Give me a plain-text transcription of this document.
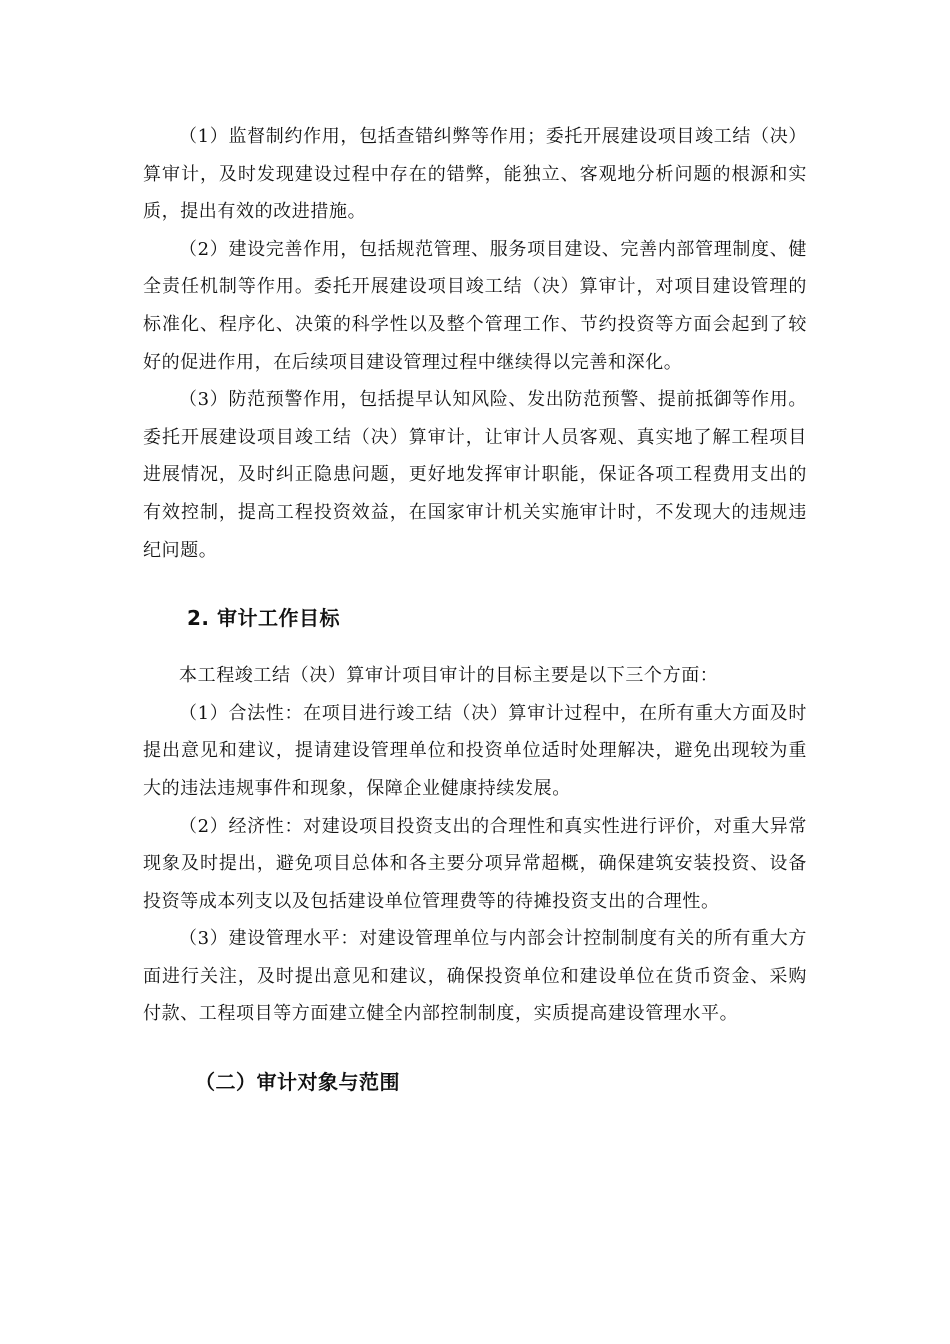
（1）监督制约作用，包括查错纠弊等作用；委托开展建设项目竣工结（决）算审计，及时发现建设过程中存在的错弊，能独立、客观地分析问题的根源和实质，提出有效的改进措施。

（2）建设完善作用，包括规范管理、服务项目建设、完善内部管理制度、健全责任机制等作用。委托开展建设项目竣工结（决）算审计，对项目建设管理的标准化、程序化、决策的科学性以及整个管理工作、节约投资等方面会起到了较好的促进作用，在后续项目建设管理过程中继续得以完善和深化。

（3）防范预警作用，包括提早认知风险、发出防范预警、提前抵御等作用。委托开展建设项目竣工结（决）算审计，让审计人员客观、真实地了解工程项目进展情况，及时纠正隐患问题，更好地发挥审计职能，保证各项工程费用支出的有效控制，提高工程投资效益，在国家审计机关实施审计时，不发现大的违规违纪问题。

2. 审计工作目标

本工程竣工结（决）算审计项目审计的目标主要是以下三个方面：

（1）合法性：在项目进行竣工结（决）算审计过程中，在所有重大方面及时提出意见和建议，提请建设管理单位和投资单位适时处理解决，避免出现较为重大的违法违规事件和现象，保障企业健康持续发展。

（2）经济性：对建设项目投资支出的合理性和真实性进行评价，对重大异常现象及时提出，避免项目总体和各主要分项异常超概，确保建筑安装投资、设备投资等成本列支以及包括建设单位管理费等的待摊投资支出的合理性。

（3）建设管理水平：对建设管理单位与内部会计控制制度有关的所有重大方面进行关注，及时提出意见和建议，确保投资单位和建设单位在货币资金、采购付款、工程项目等方面建立健全内部控制制度，实质提高建设管理水平。

（二）审计对象与范围
